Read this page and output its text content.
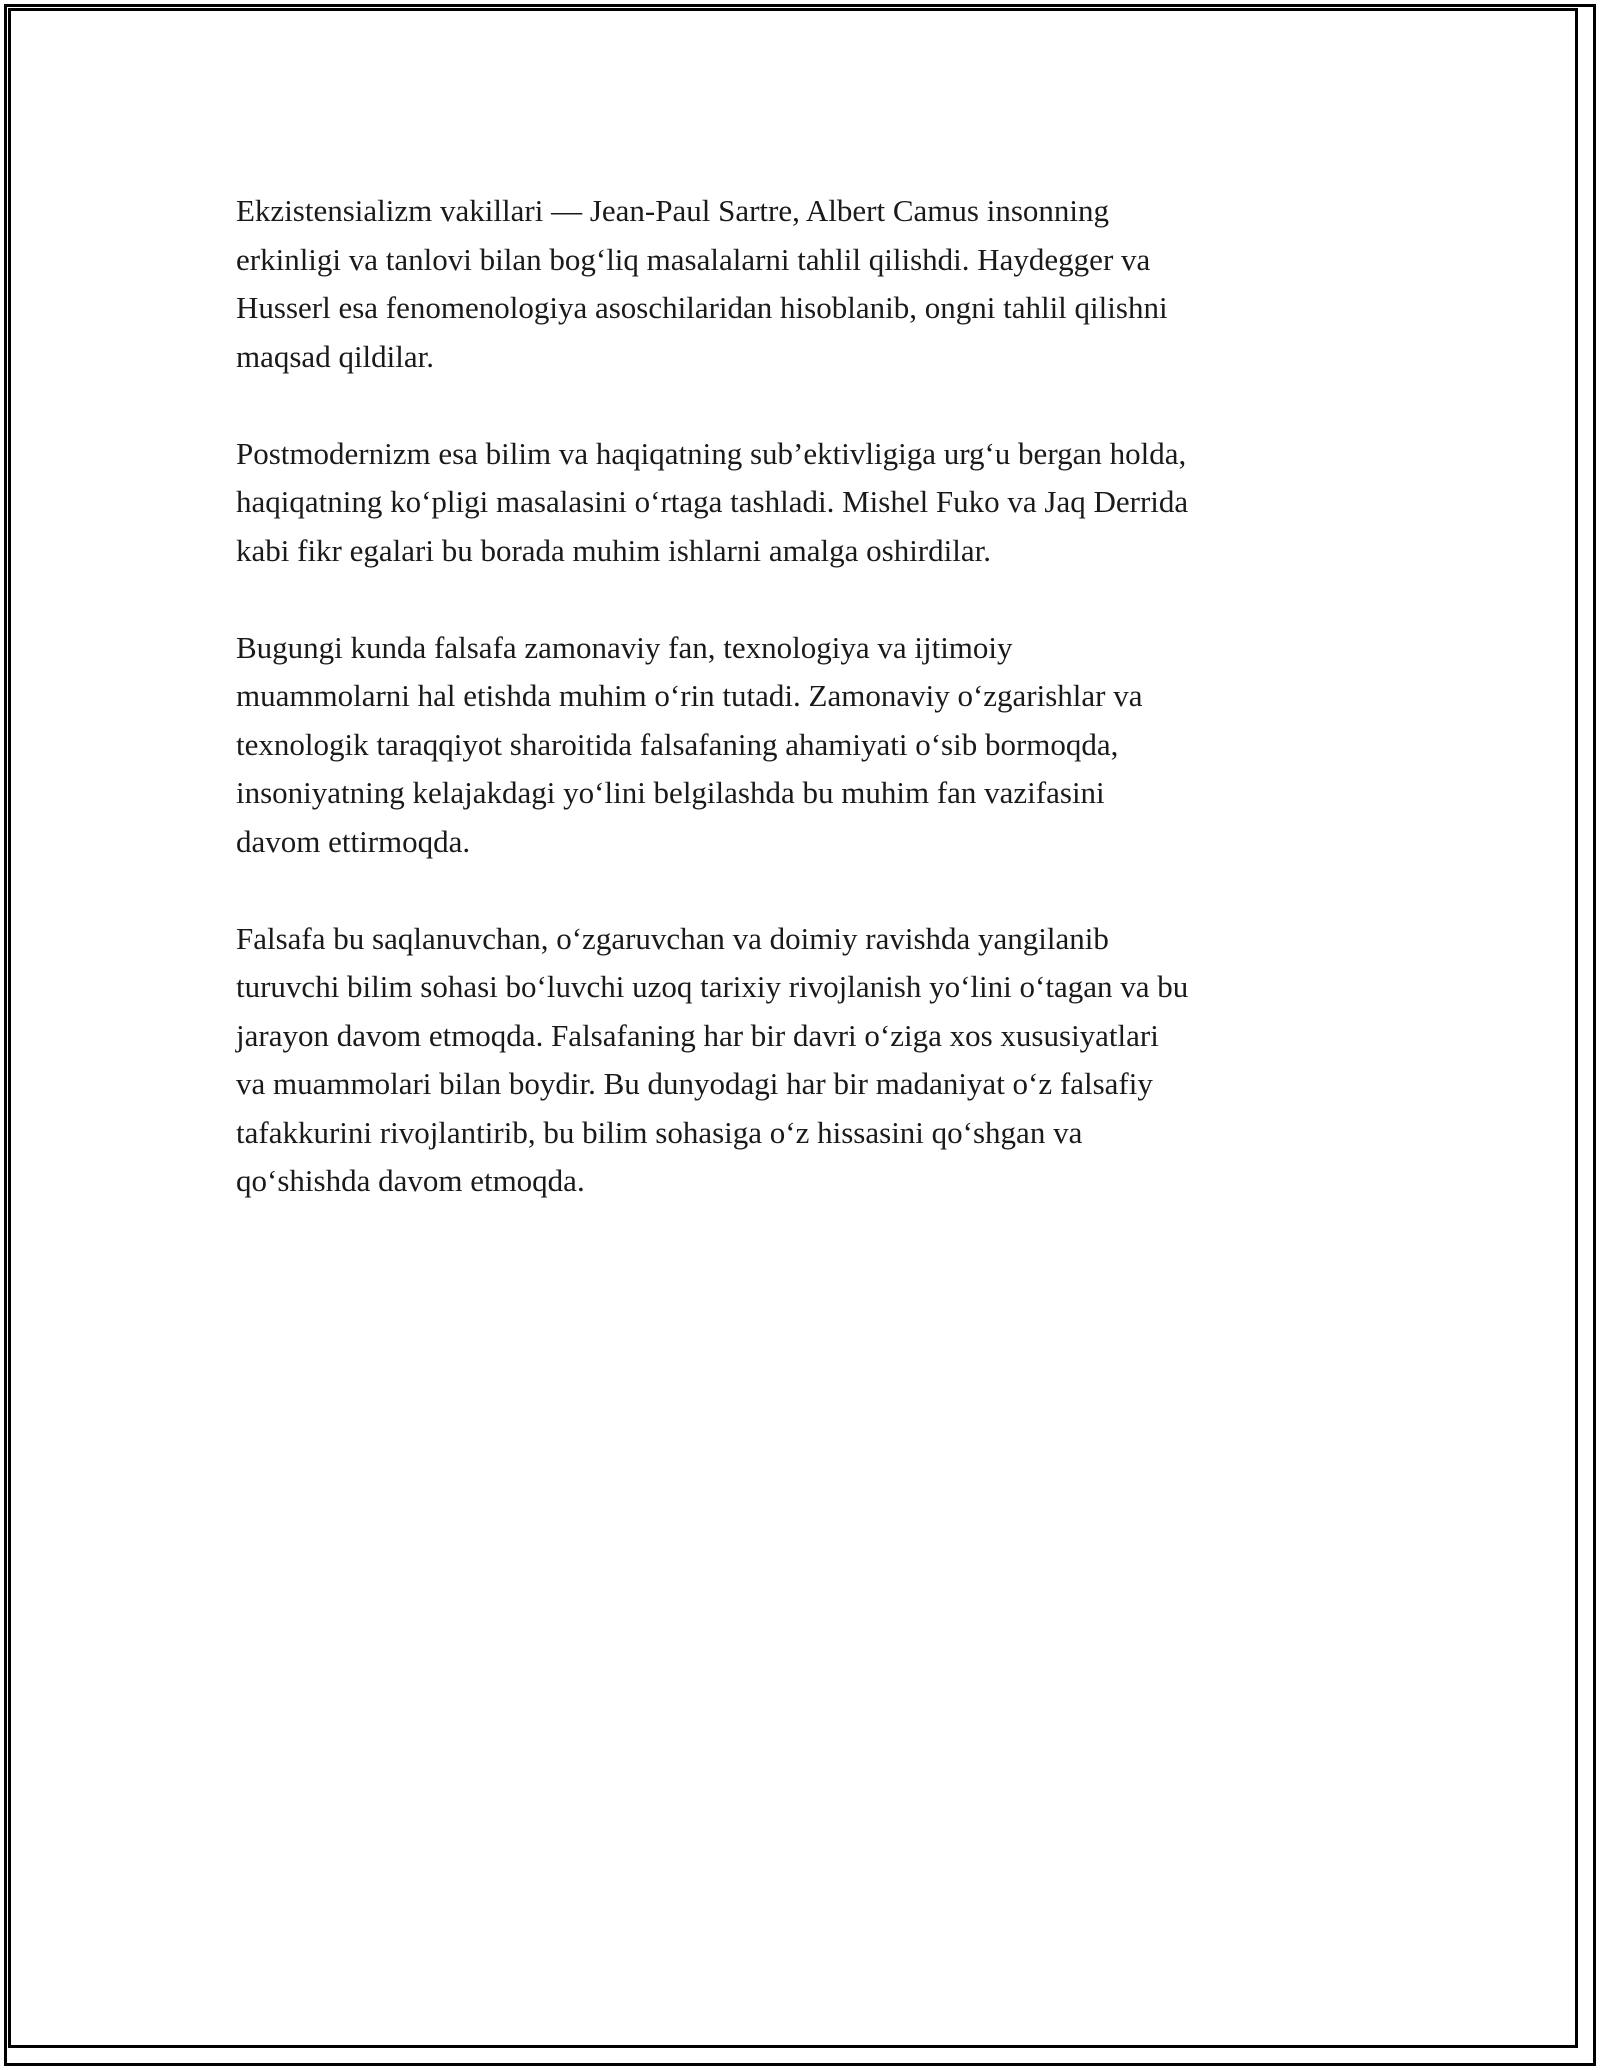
Ekzistensializm vakillari — Jean-Paul Sartre, Albert Camus insonning
erkinligi va tanlovi bilan bog‘liq masalalarni tahlil qilishdi. Haydegger va
Husserl esa fenomenologiya asoschilaridan hisoblanib, ongni tahlil qilishni
maqsad qildilar.

Postmodernizm esa bilim va haqiqatning sub’ektivligiga urg‘u bergan holda,
haqiqatning ko‘pligi masalasini o‘rtaga tashladi. Mishel Fuko va Jaq Derrida
kabi fikr egalari bu borada muhim ishlarni amalga oshirdilar.

Bugungi kunda falsafa zamonaviy fan, texnologiya va ijtimoiy
muammolarni hal etishda muhim o‘rin tutadi. Zamonaviy o‘zgarishlar va
texnologik taraqqiyot sharoitida falsafaning ahamiyati o‘sib bormoqda,
insoniyatning kelajakdagi yo‘lini belgilashda bu muhim fan vazifasini
davom ettirmoqda.

Falsafa bu saqlanuvchan, o‘zgaruvchan va doimiy ravishda yangilanib
turuvchi bilim sohasi bo‘luvchi uzoq tarixiy rivojlanish yo‘lini o‘tagan va bu
jarayon davom etmoqda. Falsafaning har bir davri o‘ziga xos xususiyatlari
va muammolari bilan boydir. Bu dunyodagi har bir madaniyat o‘z falsafiy
tafakkurini rivojlantirib, bu bilim sohasiga o‘z hissasini qo‘shgan va
qo‘shishda davom etmoqda.
